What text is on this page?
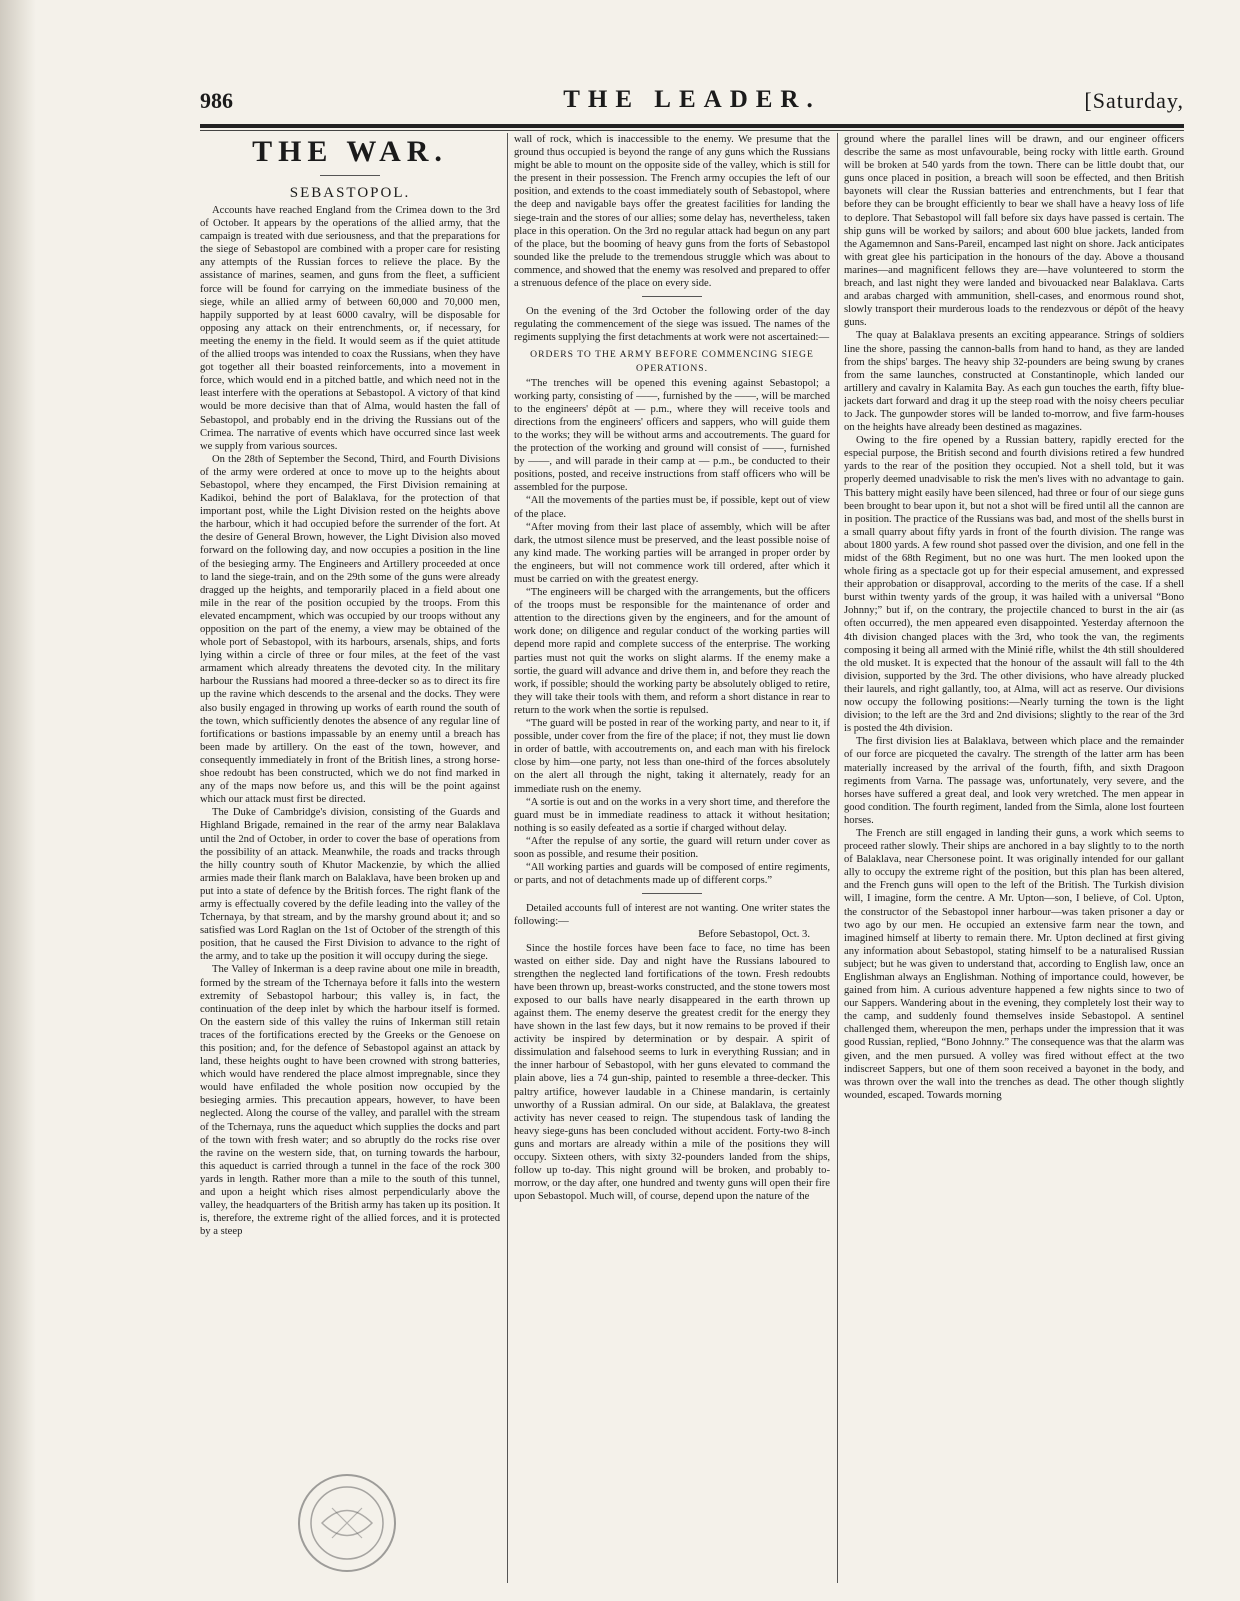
986	THE LEADER.	[Saturday,
THE WAR.
SEBASTOPOL.

Accounts have reached England from the Crimea down to the 3rd of October. It appears by the operations of the allied army, that the campaign is treated with due seriousness, and that the preparations for the siege of Sebastopol are combined with a proper care for resisting any attempts of the Russian forces to relieve the place. By the assistance of marines, seamen, and guns from the fleet, a sufficient force will be found for carrying on the immediate business of the siege, while an allied army of between 60,000 and 70,000 men, happily supported by at least 6000 cavalry, will be disposable for opposing any attack on their entrenchments, or, if necessary, for meeting the enemy in the field. It would seem as if the quiet attitude of the allied troops was intended to coax the Russians, when they have got together all their boasted reinforcements, into a movement in force, which would end in a pitched battle, and which need not in the least interfere with the operations at Sebastopol. A victory of that kind would be more decisive than that of Alma, would hasten the fall of Sebastopol, and probably end in the driving the Russians out of the Crimea. The narrative of events which have occurred since last week we supply from various sources.

On the 28th of September the Second, Third, and Fourth Divisions of the army were ordered at once to move up to the heights about Sebastopol, where they encamped, the First Division remaining at Kadikoi, behind the port of Balaklava, for the protection of that important post, while the Light Division rested on the heights above the harbour, which it had occupied before the surrender of the fort. At the desire of General Brown, however, the Light Division also moved forward on the following day, and now occupies a position in the line of the besieging army. The Engineers and Artillery proceeded at once to land the siege-train, and on the 29th some of the guns were already dragged up the heights, and temporarily placed in a field about one mile in the rear of the position occupied by the troops. From this elevated encampment, which was occupied by our troops without any opposition on the part of the enemy, a view may be obtained of the whole port of Sebastopol, with its harbours, arsenals, ships, and forts lying within a circle of three or four miles, at the feet of the vast armament which already threatens the devoted city. In the military harbour the Russians had moored a three-decker so as to direct its fire up the ravine which descends to the arsenal and the docks. They were also busily engaged in throwing up works of earth round the south of the town, which sufficiently denotes the absence of any regular line of fortifications or bastions impassable by an enemy until a breach has been made by artillery. On the east of the town, however, and consequently immediately in front of the British lines, a strong horse-shoe redoubt has been constructed, which we do not find marked in any of the maps now before us, and this will be the point against which our attack must first be directed.

The Duke of Cambridge's division, consisting of the Guards and Highland Brigade, remained in the rear of the army near Balaklava until the 2nd of October, in order to cover the base of operations from the possibility of an attack. Meanwhile, the roads and tracks through the hilly country south of Khutor Mackenzie, by which the allied armies made their flank march on Balaklava, have been broken up and put into a state of defence by the British forces. The right flank of the army is effectually covered by the defile leading into the valley of the Tchernaya, by that stream, and by the marshy ground about it; and so satisfied was Lord Raglan on the 1st of October of the strength of this position, that he caused the First Division to advance to the right of the army, and to take up the position it will occupy during the siege.

The Valley of Inkerman is a deep ravine about one mile in breadth, formed by the stream of the Tchernaya before it falls into the western extremity of Sebastopol harbour; this valley is, in fact, the continuation of the deep inlet by which the harbour itself is formed. On the eastern side of this valley the ruins of Inkerman still retain traces of the fortifications erected by the Greeks or the Genoese on this position; and, for the defence of Sebastopol against an attack by land, these heights ought to have been crowned with strong batteries, which would have rendered the place almost impregnable, since they would have enfiladed the whole position now occupied by the besieging armies. This precaution appears, however, to have been neglected. Along the course of the valley, and parallel with the stream of the Tchernaya, runs the aqueduct which supplies the docks and part of the town with fresh water; and so abruptly do the rocks rise over the ravine on the western side, that, on turning towards the harbour, this aqueduct is carried through a tunnel in the face of the rock 300 yards in length. Rather more than a mile to the south of this tunnel, and upon a height which rises almost perpendicularly above the valley, the headquarters of the British army has taken up its position. It is, therefore, the extreme right of the allied forces, and it is protected by a steep

wall of rock, which is inaccessible to the enemy. We presume that the ground thus occupied is beyond the range of any guns which the Russians might be able to mount on the opposite side of the valley, which is still for the present in their possession. The French army occupies the left of our position, and extends to the coast immediately south of Sebastopol, where the deep and navigable bays offer the greatest facilities for landing the siege-train and the stores of our allies; some delay has, nevertheless, taken place in this operation. On the 3rd no regular attack had begun on any part of the place, but the booming of heavy guns from the forts of Sebastopol sounded like the prelude to the tremendous struggle which was about to commence, and showed that the enemy was resolved and prepared to offer a strenuous defence of the place on every side.

On the evening of the 3rd October the following order of the day regulating the commencement of the siege was issued. The names of the regiments supplying the first detachments at work were not ascertained:—

ORDERS TO THE ARMY BEFORE COMMENCING SIEGE OPERATIONS.

“The trenches will be opened this evening against Sebastopol; a working party, consisting of ——, furnished by the ——, will be marched to the engineers' dépôt at — p.m., where they will receive tools and directions from the engineers' officers and sappers, who will guide them to the works; they will be without arms and accoutrements. The guard for the protection of the working and ground will consist of ——, furnished by ——, and will parade in their camp at — p.m., be conducted to their positions, posted, and receive instructions from staff officers who will be assembled for the purpose.

“All the movements of the parties must be, if possible, kept out of view of the place.

“After moving from their last place of assembly, which will be after dark, the utmost silence must be preserved, and the least possible noise of any kind made. The working parties will be arranged in proper order by the engineers, but will not commence work till ordered, after which it must be carried on with the greatest energy.

“The engineers will be charged with the arrangements, but the officers of the troops must be responsible for the maintenance of order and attention to the directions given by the engineers, and for the amount of work done; on diligence and regular conduct of the working parties will depend more rapid and complete success of the enterprise. The working parties must not quit the works on slight alarms. If the enemy make a sortie, the guard will advance and drive them in, and before they reach the work, if possible; should the working party be absolutely obliged to retire, they will take their tools with them, and reform a short distance in rear to return to the work when the sortie is repulsed.

“The guard will be posted in rear of the working party, and near to it, if possible, under cover from the fire of the place; if not, they must lie down in order of battle, with accoutrements on, and each man with his firelock close by him—one party, not less than one-third of the forces absolutely on the alert all through the night, taking it alternately, ready for an immediate rush on the enemy.

“A sortie is out and on the works in a very short time, and therefore the guard must be in immediate readiness to attack it without hesitation; nothing is so easily defeated as a sortie if charged without delay.

“After the repulse of any sortie, the guard will return under cover as soon as possible, and resume their position.

“All working parties and guards will be composed of entire regiments, or parts, and not of detachments made up of different corps.”

Detailed accounts full of interest are not wanting. One writer states the following:—

Before Sebastopol, Oct. 3.

Since the hostile forces have been face to face, no time has been wasted on either side. Day and night have the Russians laboured to strengthen the neglected land fortifications of the town. Fresh redoubts have been thrown up, breast-works constructed, and the stone towers most exposed to our balls have nearly disappeared in the earth thrown up against them. The enemy deserve the greatest credit for the energy they have shown in the last few days, but it now remains to be proved if their activity be inspired by determination or by despair. A spirit of dissimulation and falsehood seems to lurk in everything Russian; and in the inner harbour of Sebastopol, with her guns elevated to command the plain above, lies a 74 gun-ship, painted to resemble a three-decker. This paltry artifice, however laudable in a Chinese mandarin, is certainly unworthy of a Russian admiral. On our side, at Balaklava, the greatest activity has never ceased to reign. The stupendous task of landing the heavy siege-guns has been concluded without accident. Forty-two 8-inch guns and mortars are already within a mile of the positions they will occupy. Sixteen others, with sixty 32-pounders landed from the ships, follow up to-day. This night ground will be broken, and probably to-morrow, or the day after, one hundred and twenty guns will open their fire upon Sebastopol. Much will, of course, depend upon the nature of the

ground where the parallel lines will be drawn, and our engineer officers describe the same as most unfavourable, being rocky with little earth. Ground will be broken at 540 yards from the town. There can be little doubt that, our guns once placed in position, a breach will soon be effected, and then British bayonets will clear the Russian batteries and entrenchments, but I fear that before they can be brought efficiently to bear we shall have a heavy loss of life to deplore. That Sebastopol will fall before six days have passed is certain. The ship guns will be worked by sailors; and about 600 blue jackets, landed from the Agamemnon and Sans-Pareil, encamped last night on shore. Jack anticipates with great glee his participation in the honours of the day. Above a thousand marines—and magnificent fellows they are—have volunteered to storm the breach, and last night they were landed and bivouacked near Balaklava. Carts and arabas charged with ammunition, shell-cases, and enormous round shot, slowly transport their murderous loads to the rendezvous or dépôt of the heavy guns.

The quay at Balaklava presents an exciting appearance. Strings of soldiers line the shore, passing the cannon-balls from hand to hand, as they are landed from the ships' barges. The heavy ship 32-pounders are being swung by cranes from the same launches, constructed at Constantinople, which landed our artillery and cavalry in Kalamita Bay. As each gun touches the earth, fifty blue-jackets dart forward and drag it up the steep road with the noisy cheers peculiar to Jack. The gunpowder stores will be landed to-morrow, and five farm-houses on the heights have already been destined as magazines.

Owing to the fire opened by a Russian battery, rapidly erected for the especial purpose, the British second and fourth divisions retired a few hundred yards to the rear of the position they occupied. Not a shell told, but it was properly deemed unadvisable to risk the men's lives with no advantage to gain. This battery might easily have been silenced, had three or four of our siege guns been brought to bear upon it, but not a shot will be fired until all the cannon are in position. The practice of the Russians was bad, and most of the shells burst in a small quarry about fifty yards in front of the fourth division. The range was about 1800 yards. A few round shot passed over the division, and one fell in the midst of the 68th Regiment, but no one was hurt. The men looked upon the whole firing as a spectacle got up for their especial amusement, and expressed their approbation or disapproval, according to the merits of the case. If a shell burst within twenty yards of the group, it was hailed with a universal “Bono Johnny;” but if, on the contrary, the projectile chanced to burst in the air (as often occurred), the men appeared even disappointed. Yesterday afternoon the 4th division changed places with the 3rd, who took the van, the regiments composing it being all armed with the Minié rifle, whilst the 4th still shouldered the old musket. It is expected that the honour of the assault will fall to the 4th division, supported by the 3rd. The other divisions, who have already plucked their laurels, and right gallantly, too, at Alma, will act as reserve. Our divisions now occupy the following positions:—Nearly turning the town is the light division; to the left are the 3rd and 2nd divisions; slightly to the rear of the 3rd is posted the 4th division.

The first division lies at Balaklava, between which place and the remainder of our force are picqueted the cavalry. The strength of the latter arm has been materially increased by the arrival of the fourth, fifth, and sixth Dragoon regiments from Varna. The passage was, unfortunately, very severe, and the horses have suffered a great deal, and look very wretched. The men appear in good condition. The fourth regiment, landed from the Simla, alone lost fourteen horses.

The French are still engaged in landing their guns, a work which seems to proceed rather slowly. Their ships are anchored in a bay slightly to to the north of Balaklava, near Chersonese point. It was originally intended for our gallant ally to occupy the extreme right of the position, but this plan has been altered, and the French guns will open to the left of the British. The Turkish division will, I imagine, form the centre. A Mr. Upton—son, I believe, of Col. Upton, the constructor of the Sebastopol inner harbour—was taken prisoner a day or two ago by our men. He occupied an extensive farm near the town, and imagined himself at liberty to remain there. Mr. Upton declined at first giving any information about Sebastopol, stating himself to be a naturalised Russian subject; but he was given to understand that, according to English law, once an Englishman always an Englishman. Nothing of importance could, however, be gained from him. A curious adventure happened a few nights since to two of our Sappers. Wandering about in the evening, they completely lost their way to the camp, and suddenly found themselves inside Sebastopol. A sentinel challenged them, whereupon the men, perhaps under the impression that it was good Russian, replied, “Bono Johnny.” The consequence was that the alarm was given, and the men pursued. A volley was fired without effect at the two indiscreet Sappers, but one of them soon received a bayonet in the body, and was thrown over the wall into the trenches as dead. The other though slightly wounded, escaped. Towards morning
